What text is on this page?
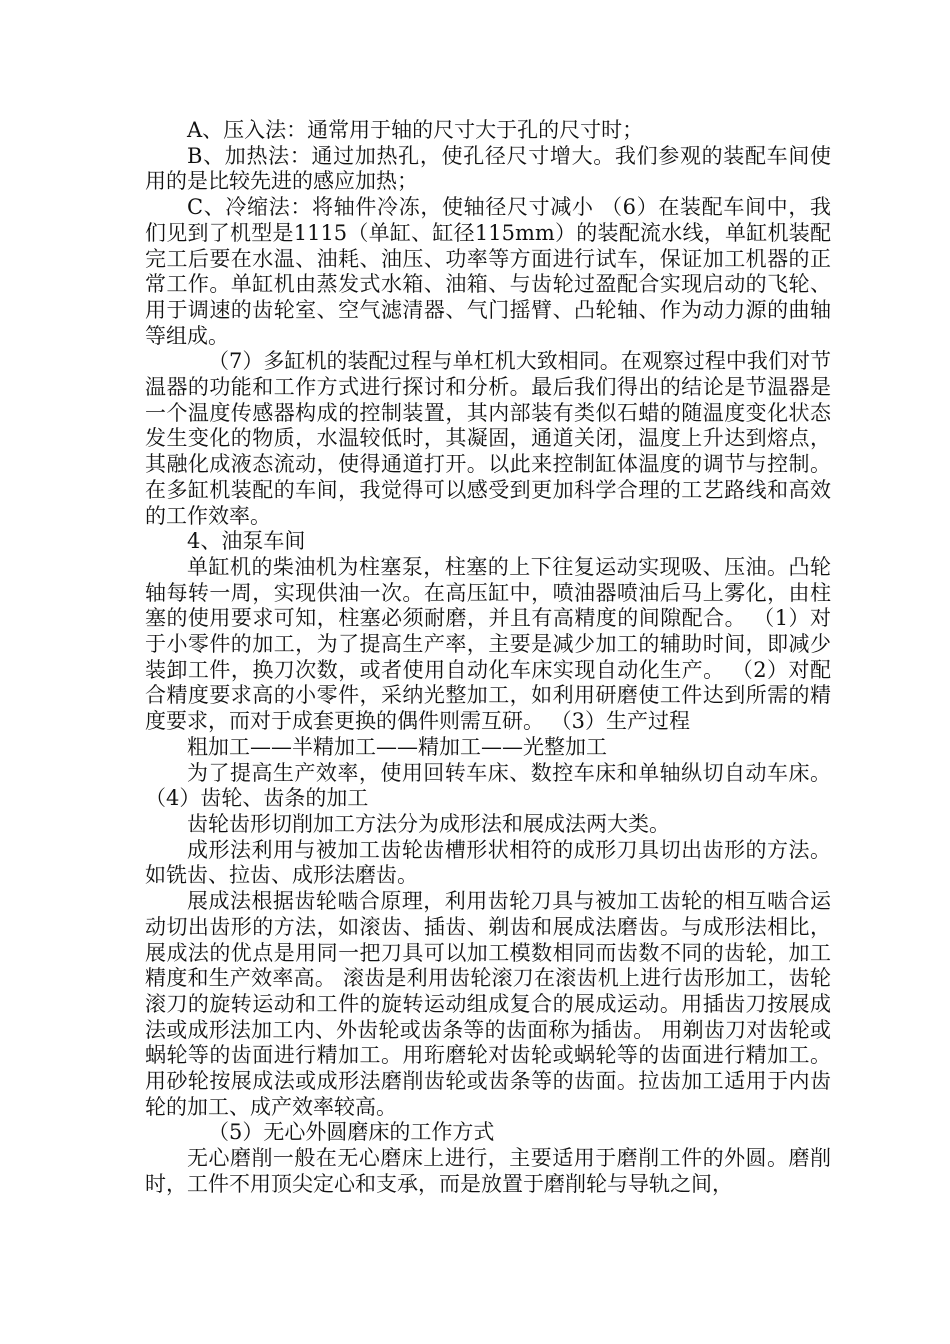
A、压入法：通常用于轴的尺寸大于孔的尺寸时；

B、加热法：通过加热孔，使孔径尺寸增大。我们参观的装配车间使用的是比较先进的感应加热；

C、冷缩法：将轴件冷冻，使轴径尺寸减小 （6）在装配车间中，我们见到了机型是1115（单缸、缸径115mm）的装配流水线，单缸机装配完工后要在水温、油耗、油压、功率等方面进行试车，保证加工机器的正常工作。单缸机由蒸发式水箱、油箱、与齿轮过盈配合实现启动的飞轮、用于调速的齿轮室、空气滤清器、气门摇臂、凸轮轴、作为动力源的曲轴等组成。

（7）多缸机的装配过程与单杠机大致相同。在观察过程中我们对节温器的功能和工作方式进行探讨和分析。最后我们得出的结论是节温器是一个温度传感器构成的控制装置，其内部装有类似石蜡的随温度变化状态发生变化的物质，水温较低时，其凝固，通道关闭，温度上升达到熔点，其融化成液态流动，使得通道打开。以此来控制缸体温度的调节与控制。在多缸机装配的车间，我觉得可以感受到更加科学合理的工艺路线和高效的工作效率。

4、油泵车间

单缸机的柴油机为柱塞泵，柱塞的上下往复运动实现吸、压油。凸轮轴每转一周，实现供油一次。在高压缸中，喷油器喷油后马上雾化，由柱塞的使用要求可知，柱塞必须耐磨，并且有高精度的间隙配合。 （1）对于小零件的加工，为了提高生产率，主要是减少加工的辅助时间，即减少装卸工件，换刀次数，或者使用自动化车床实现自动化生产。 （2）对配合精度要求高的小零件，采纳光整加工，如利用研磨使工件达到所需的精度要求，而对于成套更换的偶件则需互研。 （3）生产过程

粗加工——半精加工——精加工——光整加工

为了提高生产效率，使用回转车床、数控车床和单轴纵切自动车床。 （4）齿轮、齿条的加工

齿轮齿形切削加工方法分为成形法和展成法两大类。

成形法利用与被加工齿轮齿槽形状相符的成形刀具切出齿形的方法。如铣齿、拉齿、成形法磨齿。

展成法根据齿轮啮合原理，利用齿轮刀具与被加工齿轮的相互啮合运动切出齿形的方法，如滚齿、插齿、剃齿和展成法磨齿。与成形法相比，展成法的优点是用同一把刀具可以加工模数相同而齿数不同的齿轮，加工精度和生产效率高。 滚齿是利用齿轮滚刀在滚齿机上进行齿形加工，齿轮滚刀的旋转运动和工件的旋转运动组成复合的展成运动。用插齿刀按展成法或成形法加工内、外齿轮或齿条等的齿面称为插齿。 用剃齿刀对齿轮或蜗轮等的齿面进行精加工。用珩磨轮对齿轮或蜗轮等的齿面进行精加工。用砂轮按展成法或成形法磨削齿轮或齿条等的齿面。拉齿加工适用于内齿轮的加工、成产效率较高。

（5）无心外圆磨床的工作方式

无心磨削一般在无心磨床上进行，主要适用于磨削工件的外圆。磨削时，工件不用顶尖定心和支承，而是放置于磨削轮与导轨之间，
